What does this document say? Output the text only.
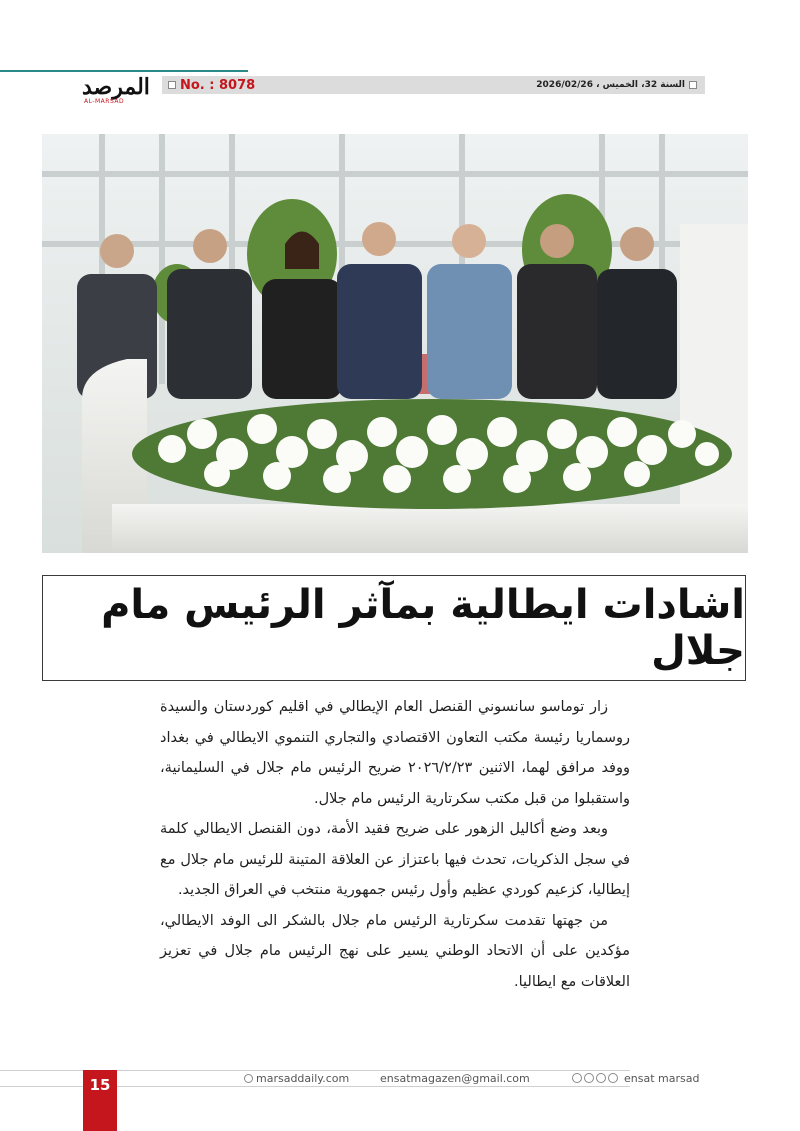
المرصد
AL-MARSAD
No. : 8078	السنة 32، الخميس ، 2026/02/26
اشادات ايطالية بمآثر الرئيس مام جلال

زار توماسو سانسوني القنصل العام الإيطالي في اقليم كوردستان والسيدة روسماريا رئيسة مكتب التعاون الاقتصادي والتجاري التنموي الايطالي في بغداد ووفد مرافق لهما، الاثنين ٢٠٢٦/٢/٢٣ ضريح الرئيس مام جلال في السليمانية، واستقبلوا من قبل مكتب سكرتارية الرئيس مام جلال.

وبعد وضع أكاليل الزهور على ضريح فقيد الأمة، دون القنصل الايطالي كلمة في سجل الذكريات، تحدث فيها باعتزاز عن العلاقة المتينة للرئيس مام جلال مع إيطاليا، كزعيم كوردي عظيم وأول رئيس جمهورية منتخب في العراق الجديد.

من جهتها تقدمت سكرتارية الرئيس مام جلال بالشكر الى الوفد الايطالي، مؤكدين على أن الاتحاد الوطني يسير على نهج الرئيس مام جلال في تعزيز العلاقات مع ايطاليا.

15	marsaddaily.com	ensatmagazen@gmail.com	ensat marsad
